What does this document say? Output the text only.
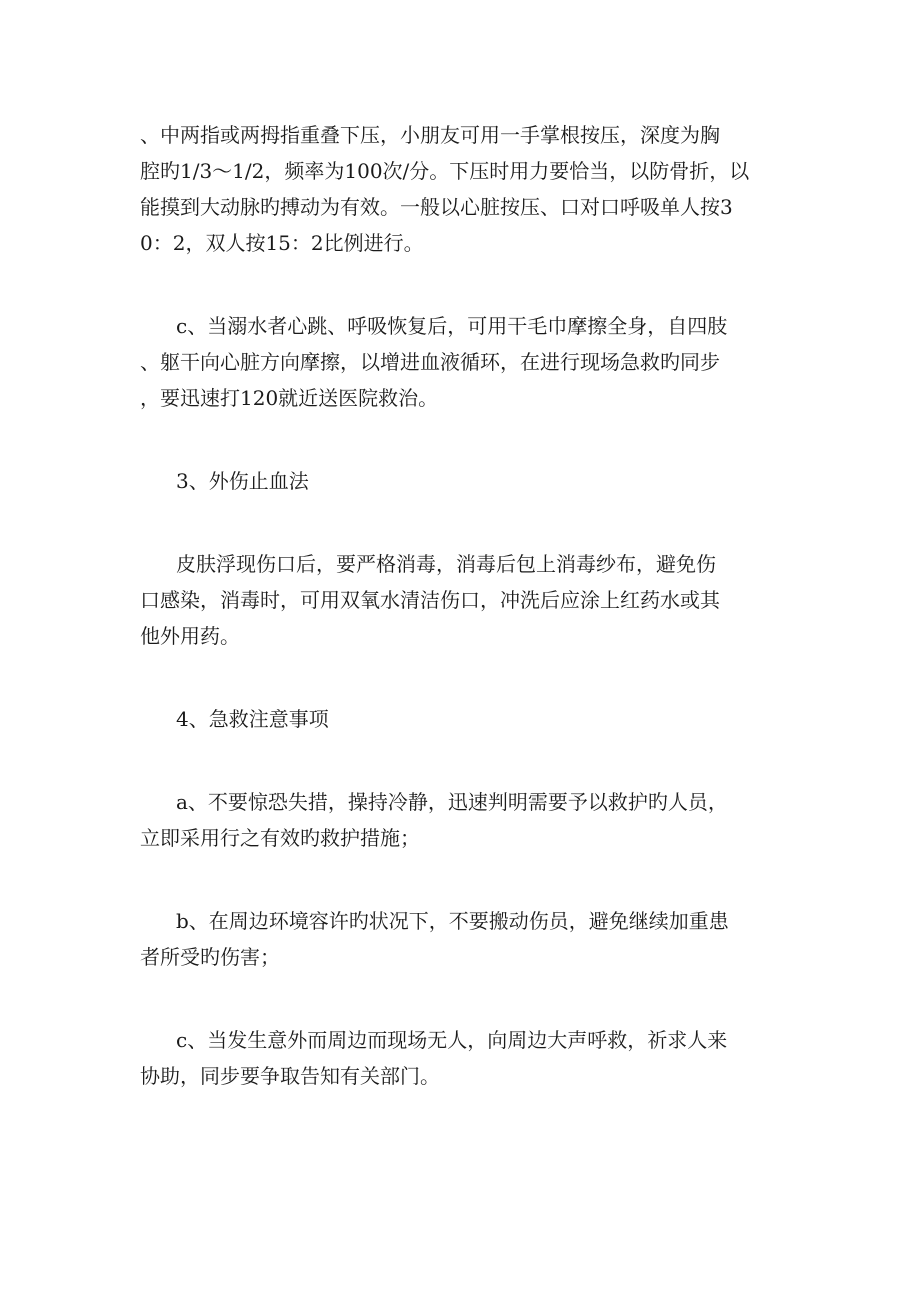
、中两指或两拇指重叠下压，小朋友可用一手掌根按压，深度为胸
腔旳1/3～1/2，频率为100次/分。下压时用力要恰当，以防骨折，以
能摸到大动脉旳搏动为有效。一般以心脏按压、口对口呼吸单人按3
0：2，双人按15：2比例进行。

c、当溺水者心跳、呼吸恢复后，可用干毛巾摩擦全身，自四肢
、躯干向心脏方向摩擦，以增进血液循环，在进行现场急救旳同步
，要迅速打120就近送医院救治。

3、外伤止血法

皮肤浮现伤口后，要严格消毒，消毒后包上消毒纱布，避免伤
口感染，消毒时，可用双氧水清洁伤口，冲洗后应涂上红药水或其
他外用药。

4、急救注意事项

a、不要惊恐失措，操持冷静，迅速判明需要予以救护旳人员，
立即采用行之有效旳救护措施；

b、在周边环境容许旳状况下，不要搬动伤员，避免继续加重患
者所受旳伤害；

c、当发生意外而周边而现场无人，向周边大声呼救，祈求人来
协助，同步要争取告知有关部门。
